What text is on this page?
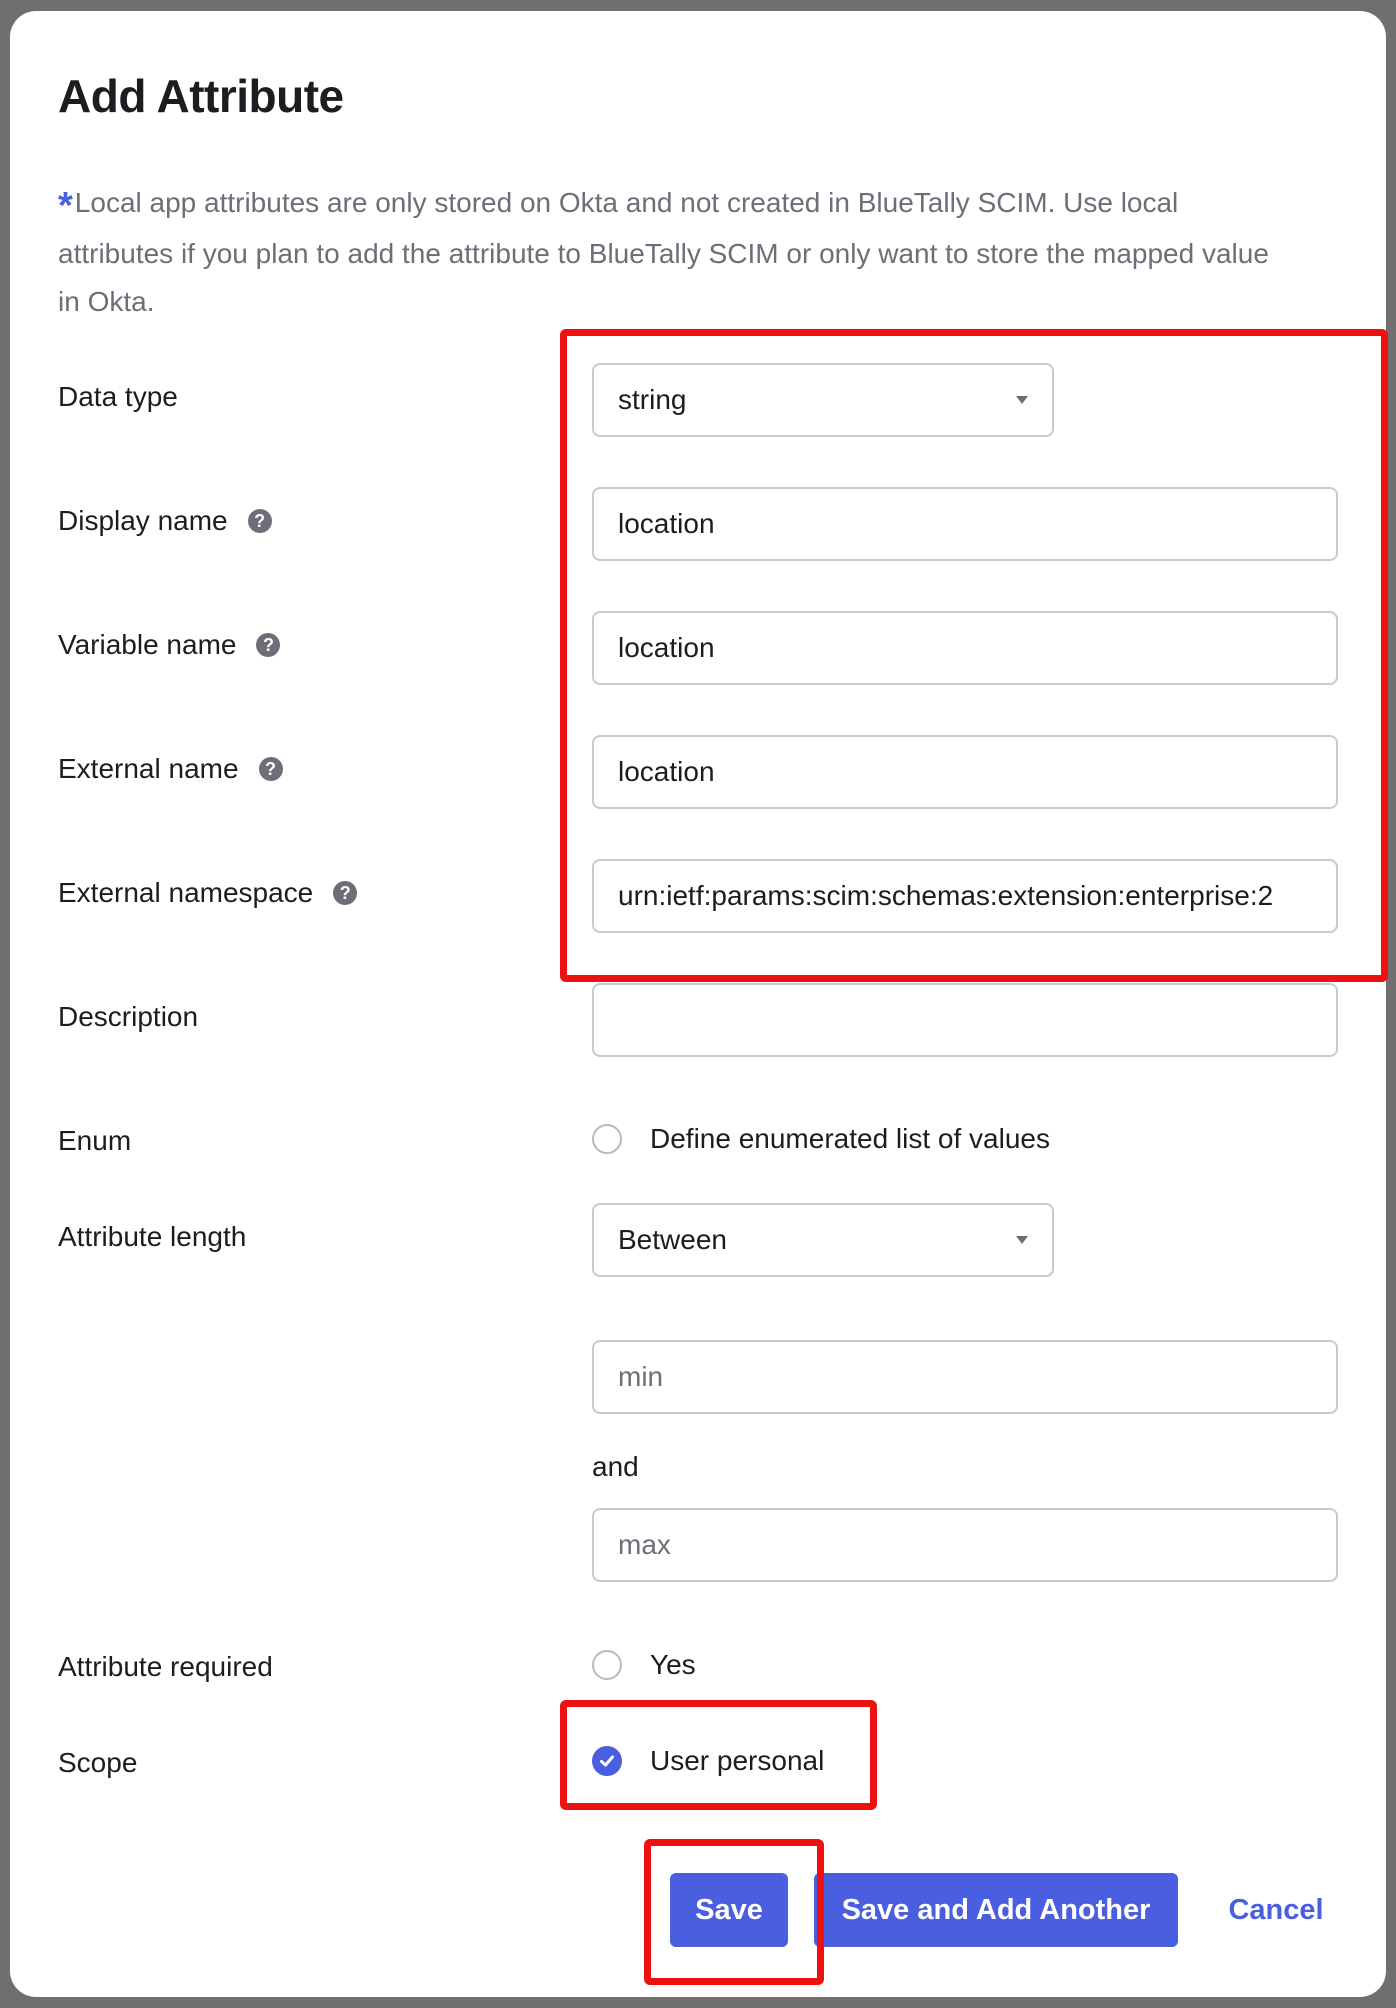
Add Attribute
*Local app attributes are only stored on Okta and not created in BlueTally SCIM. Use local attributes if you plan to add the attribute to BlueTally SCIM or only want to store the mapped value in Okta.
Data type	string
Display name	?	location
Variable name	?	location
External name	?	location
External namespace	?	urn:ietf:params:scim:schemas:extension:enterprise:2
Description
Enum	Define enumerated list of values
Attribute length	Between
min
and
max
Attribute required	Yes
Scope	User personal
Save	Save and Add Another	Cancel
